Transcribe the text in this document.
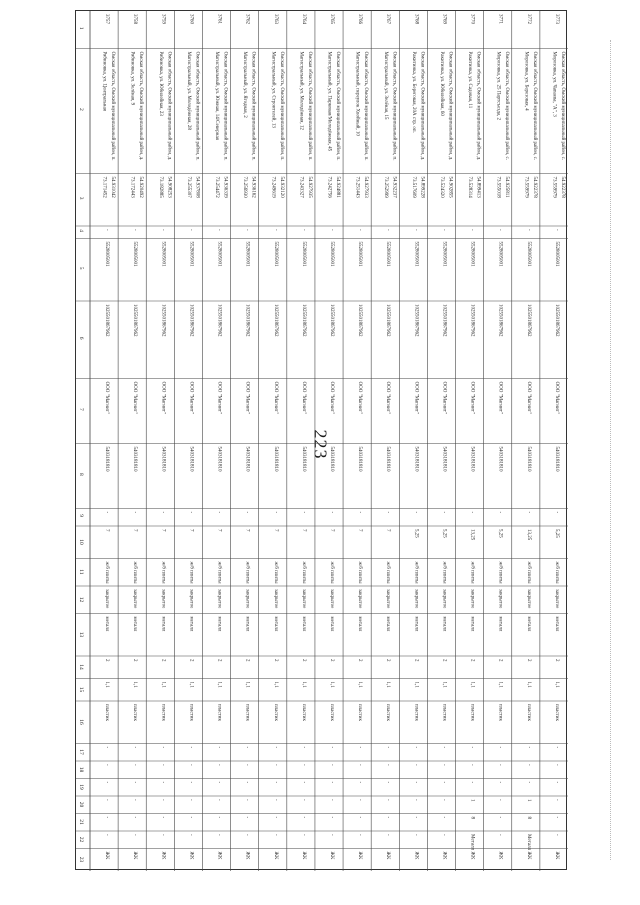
223
1
2
3
4
5
6
7
8
9
10
11
12
13
14
15
16
17
18
19
20
21
22
23
3757
Омская область, Омский муниципальный район, п.
Рябиновка, ул. Центральная
54.931042
73.171452
-
5528005001
1025501867962
ООО "Магнит"
5403181810
-
7
ж/б плиты
закрытое
металл
2
1,1
пластик
-
-
-
-
-
-
ЖК
3758
Омская область, Омский муниципальный район, д.
Рябиновка, ул. Зелёная, 9
54.920492
73.172443
-
5528005001
1025501867962
ООО "Магнит"
5403181810
-
7
ж/б плиты
закрытое
металл
2
1,1
пластик
-
-
-
-
-
-
ЖК
3759
Омская область, Омский муниципальный район, д.
Рябиновка, ул. Юбилейная, 23
54.908253
73.182885
-
5528005001
1025501867962
ООО "Магнит"
5403181810
-
7
ж/б плиты
закрытое
металл
2
1,1
пластик
-
-
-
-
-
-
ЖК
3760
Омская область, Омский муниципальный район, п.
Магистральный, ул. Молодёжная, 28
54.937808
73.255307
-
5528005001
1025501867962
ООО "Магнит"
5403181810
-
7
ж/б плиты
закрытое
металл
2
1,1
пластик
-
-
-
-
-
-
ЖК
3761
Омская область, Омский муниципальный район, п.
Магистральный, ул. Южная, 14/Северная
54.936339
73.254472
-
5528005001
1025501867962
ООО "Магнит"
5403181810
-
7
ж/б плиты
закрытое
металл
2
1,1
пластик
-
-
-
-
-
-
ЖК
3762
Омская область, Омский муниципальный район, п.
Магистральный, ул. Ягодная, 2
54.936162
73.256930
-
5528005001
1025501867962
ООО "Магнит"
5403181810
-
7
ж/б плиты
закрытое
металл
2
1,1
пластик
-
-
-
-
-
-
ЖК
3763
Омская область, Омский муниципальный район, п.
Магистральный, ул. Строителей, 13
54.932120
73.249619
-
5528005001
1025501867962
ООО "Магнит"
5403181810
-
7
ж/б плиты
закрытое
металл
2
1,1
пластик
-
-
-
-
-
-
ЖК
3764
Омская область, Омский муниципальный район, п.
Магистральный, ул. Молодёжная, 12
54.927935
73.243327
-
5528005001
1025501867962
ООО "Магнит"
5403181810
-
7
ж/б плиты
закрытое
металл
2
1,1
пластик
-
-
-
-
-
-
ЖК
3765
Омская область, Омский муниципальный район, п.
Магистральный, ул. Парковая/Молодёжная, 45
54.924881
73.242756
-
5528005001
1025501867962
ООО "Магнит"
5403181810
-
7
ж/б плиты
закрытое
металл
2
1,1
пластик
-
-
-
-
-
-
ЖК
3766
Омская область, Омский муниципальный район, п.
Магистральный, переулок Хвойный, 10
54.927933
73.251443
-
5528005001
1025501867962
ООО "Магнит"
5403181810
-
7
ж/б плиты
закрытое
металл
2
1,1
пластик
-
-
-
-
-
-
ЖК
3767
Омская область, Омский муниципальный район, п.
Магистральный, ул. Зелёная, 15
54.932237
73.252999
-
5528005001
1025501867962
ООО "Магнит"
5403181810
-
7
ж/б плиты
закрытое
металл
2
1,1
пластик
-
-
-
-
-
-
ЖК
3768
Омская область, Омский муниципальный район, д.
Ракитинка, ул. Береговая, 20А стр. оп.
54.899228
73.517609
-
5528005001
1025501867962
ООО "Магнит"
5403181810
-
5,25
ж/б плиты
закрытое
металл
2
1,1
пластик
-
-
-
-
-
-
ЖК
3769
Омская область, Омский муниципальный район, д.
Ракитинка, ул. Юбилейная, 60
54.902855
73.524320
-
5528005001
1025501867962
ООО "Магнит"
5403181810
-
5,25
ж/б плиты
закрытое
металл
2
1,1
пластик
-
-
-
-
-
-
ЖК
3770
Омская область, Омский муниципальный район, д.
Ракитинка, ул. Садовая, 11
54.899413
73.528314
-
5528005001
1025501867962
ООО "Магнит"
5403181810
-
13,25
ж/б плиты
закрытое
металл
2
1,1
пластик
-
-
-
1
8
Металл
ЖК
3771
Омская область, Омский муниципальный район, с.
Морозовка, ул. 25 Партсъезда, 2
54.925811
73.555018
-
5528005001
1025501867962
ООО "Магнит"
5403181810
-
5,25
ж/б плиты
закрытое
металл
2
1,1
пластик
-
-
-
-
-
-
ЖК
3772
Омская область, Омский муниципальный район, с.
Морозовка, ул. Березовая, 4
54.922378
73.559979
-
5528005001
1025501867962
ООО "Магнит"
5403181810
-
13,25
ж/б плиты
закрытое
металл
2
1,1
пластик
-
-
-
1
8
Металл
ЖК
3773
Омская область, Омский муниципальный район, с.
Морозовка, ул. Чапаева, "А", 3
54.922378
73.559979
-
5528005001
1025501867962
ООО "Магнит"
5403181810
-
5,25
ж/б плиты
закрытое
металл
2
1,1
пластик
-
-
-
-
-
-
ЖК
